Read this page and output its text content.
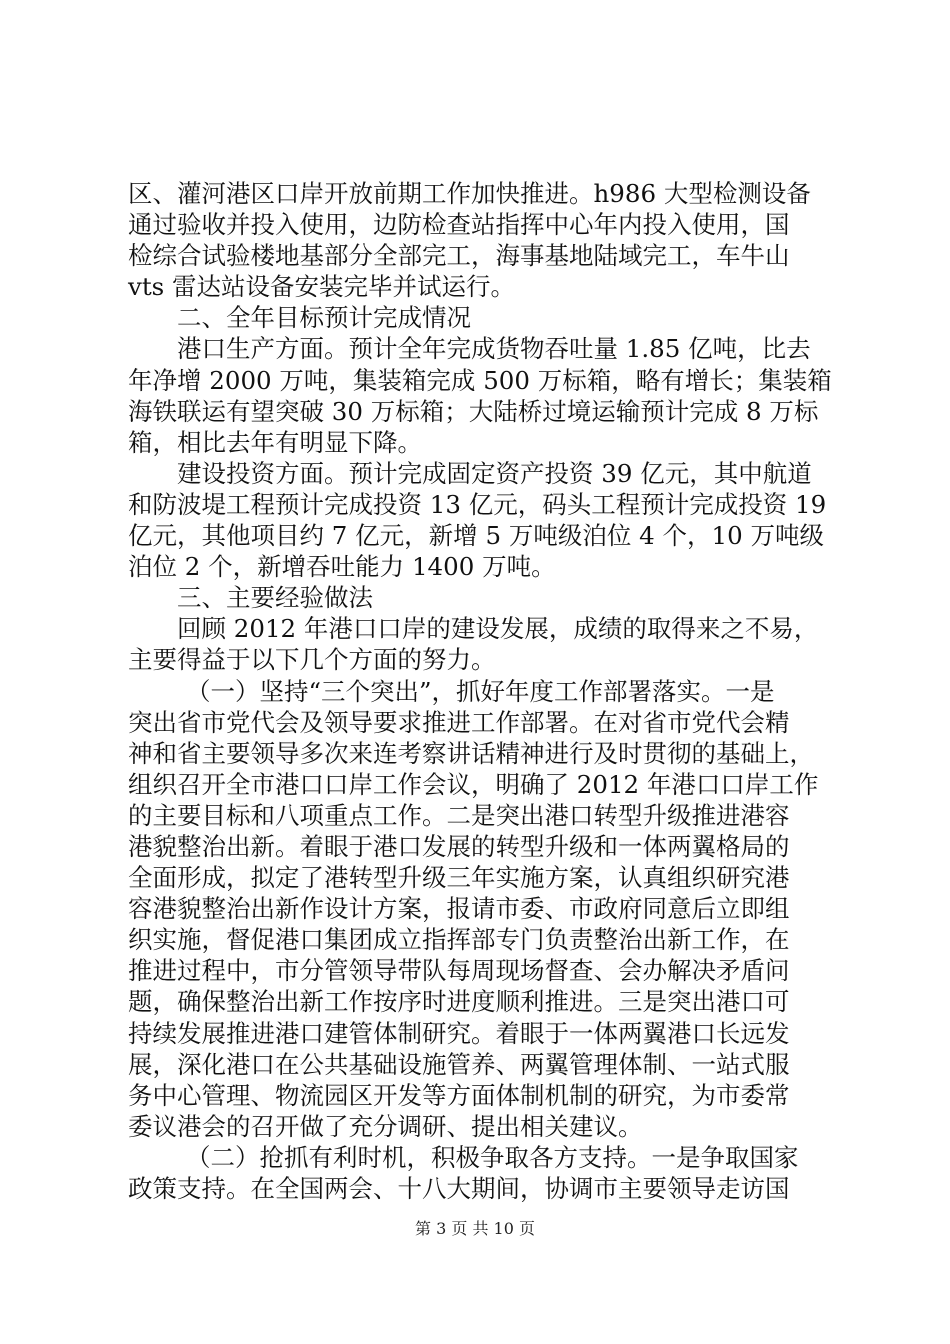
区、灌河港区口岸开放前期工作加快推进。h986 大型检测设备
通过验收并投入使用，边防检查站指挥中心年内投入使用，国
检综合试验楼地基部分全部完工，海事基地陆域完工，车牛山
vts 雷达站设备安装完毕并试运行。
二、全年目标预计完成情况
港口生产方面。预计全年完成货物吞吐量 1.85 亿吨，比去
年净增 2000 万吨，集装箱完成 500 万标箱，略有增长；集装箱
海铁联运有望突破 30 万标箱；大陆桥过境运输预计完成 8 万标
箱，相比去年有明显下降。
建设投资方面。预计完成固定资产投资 39 亿元，其中航道
和防波堤工程预计完成投资 13 亿元，码头工程预计完成投资 19
亿元，其他项目约 7 亿元，新增 5 万吨级泊位 4 个，10 万吨级
泊位 2 个，新增吞吐能力 1400 万吨。
三、主要经验做法
回顾 2012 年港口口岸的建设发展，成绩的取得来之不易，
主要得益于以下几个方面的努力。
（一）坚持“三个突出”，抓好年度工作部署落实。一是
突出省市党代会及领导要求推进工作部署。在对省市党代会精
神和省主要领导多次来连考察讲话精神进行及时贯彻的基础上，
组织召开全市港口口岸工作会议，明确了 2012 年港口口岸工作
的主要目标和八项重点工作。二是突出港口转型升级推进港容
港貌整治出新。着眼于港口发展的转型升级和一体两翼格局的
全面形成，拟定了港转型升级三年实施方案，认真组织研究港
容港貌整治出新作设计方案，报请市委、市政府同意后立即组
织实施，督促港口集团成立指挥部专门负责整治出新工作，在
推进过程中，市分管领导带队每周现场督查、会办解决矛盾问
题，确保整治出新工作按序时进度顺利推进。三是突出港口可
持续发展推进港口建管体制研究。着眼于一体两翼港口长远发
展，深化港口在公共基础设施管养、两翼管理体制、一站式服
务中心管理、物流园区开发等方面体制机制的研究，为市委常
委议港会的召开做了充分调研、提出相关建议。
（二）抢抓有利时机，积极争取各方支持。一是争取国家
政策支持。在全国两会、十八大期间，协调市主要领导走访国
第 3 页 共 10 页
